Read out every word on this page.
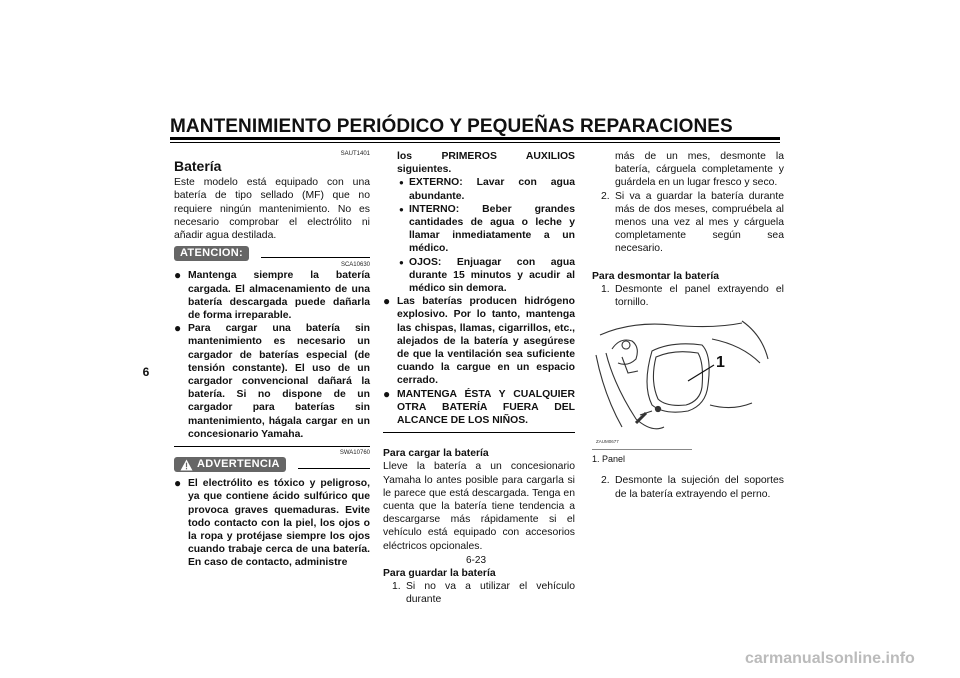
MANTENIMIENTO PERIÓDICO Y PEQUEÑAS REPARACIONES
6
SAUT1401
Batería
Este modelo está equipado con una batería de tipo sellado (MF) que no requiere ningún mantenimiento. No es necesario comprobar el electrólito ni añadir agua destilada.
ATENCION:
SCA10630
● Mantenga siempre la batería cargada. El almacenamiento de una batería descargada puede dañarla de forma irreparable.
● Para cargar una batería sin mantenimiento es necesario un cargador de baterías especial (de tensión constante). El uso de un cargador convencional dañará la batería. Si no dispone de un cargador para baterías sin mantenimiento, hágala cargar en un concesionario Yamaha.
SWA10760
ADVERTENCIA
● El electrólito es tóxico y peligroso, ya que contiene ácido sulfúrico que provoca graves quemaduras. Evite todo contacto con la piel, los ojos o la ropa y protéjase siempre los ojos cuando trabaje cerca de una batería. En caso de contacto, administre
los PRIMEROS AUXILIOS siguientes.
● EXTERNO: Lavar con agua abundante.
● INTERNO: Beber grandes cantidades de agua o leche y llamar inmediatamente a un médico.
● OJOS: Enjuagar con agua durante 15 minutos y acudir al médico sin demora.
● Las baterías producen hidrógeno explosivo. Por lo tanto, mantenga las chispas, llamas, cigarrillos, etc., alejados de la batería y asegúrese de que la ventilación sea suficiente cuando la cargue en un espacio cerrado.
● MANTENGA ÉSTA Y CUALQUIER OTRA BATERÍA FUERA DEL ALCANCE DE LOS NIÑOS.
Para cargar la batería
Lleve la batería a un concesionario Yamaha lo antes posible para cargarla si le parece que está descargada. Tenga en cuenta que la batería tiene tendencia a descargarse más rápidamente si el vehículo está equipado con accesorios eléctricos opcionales.
Para guardar la batería
1. Si no va a utilizar el vehículo durante
más de un mes, desmonte la batería, cárguela completamente y guárdela en un lugar fresco y seco.
2. Si va a guardar la batería durante más de dos meses, compruébela al menos una vez al mes y cárguela completamente según sea necesario.
Para desmontar la batería
1. Desmonte el panel extrayendo el tornillo.
1
ZAUM0677
1. Panel
2. Desmonte la sujeción del soportes de la batería extrayendo el perno.
6-23
carmanualsonline.info
